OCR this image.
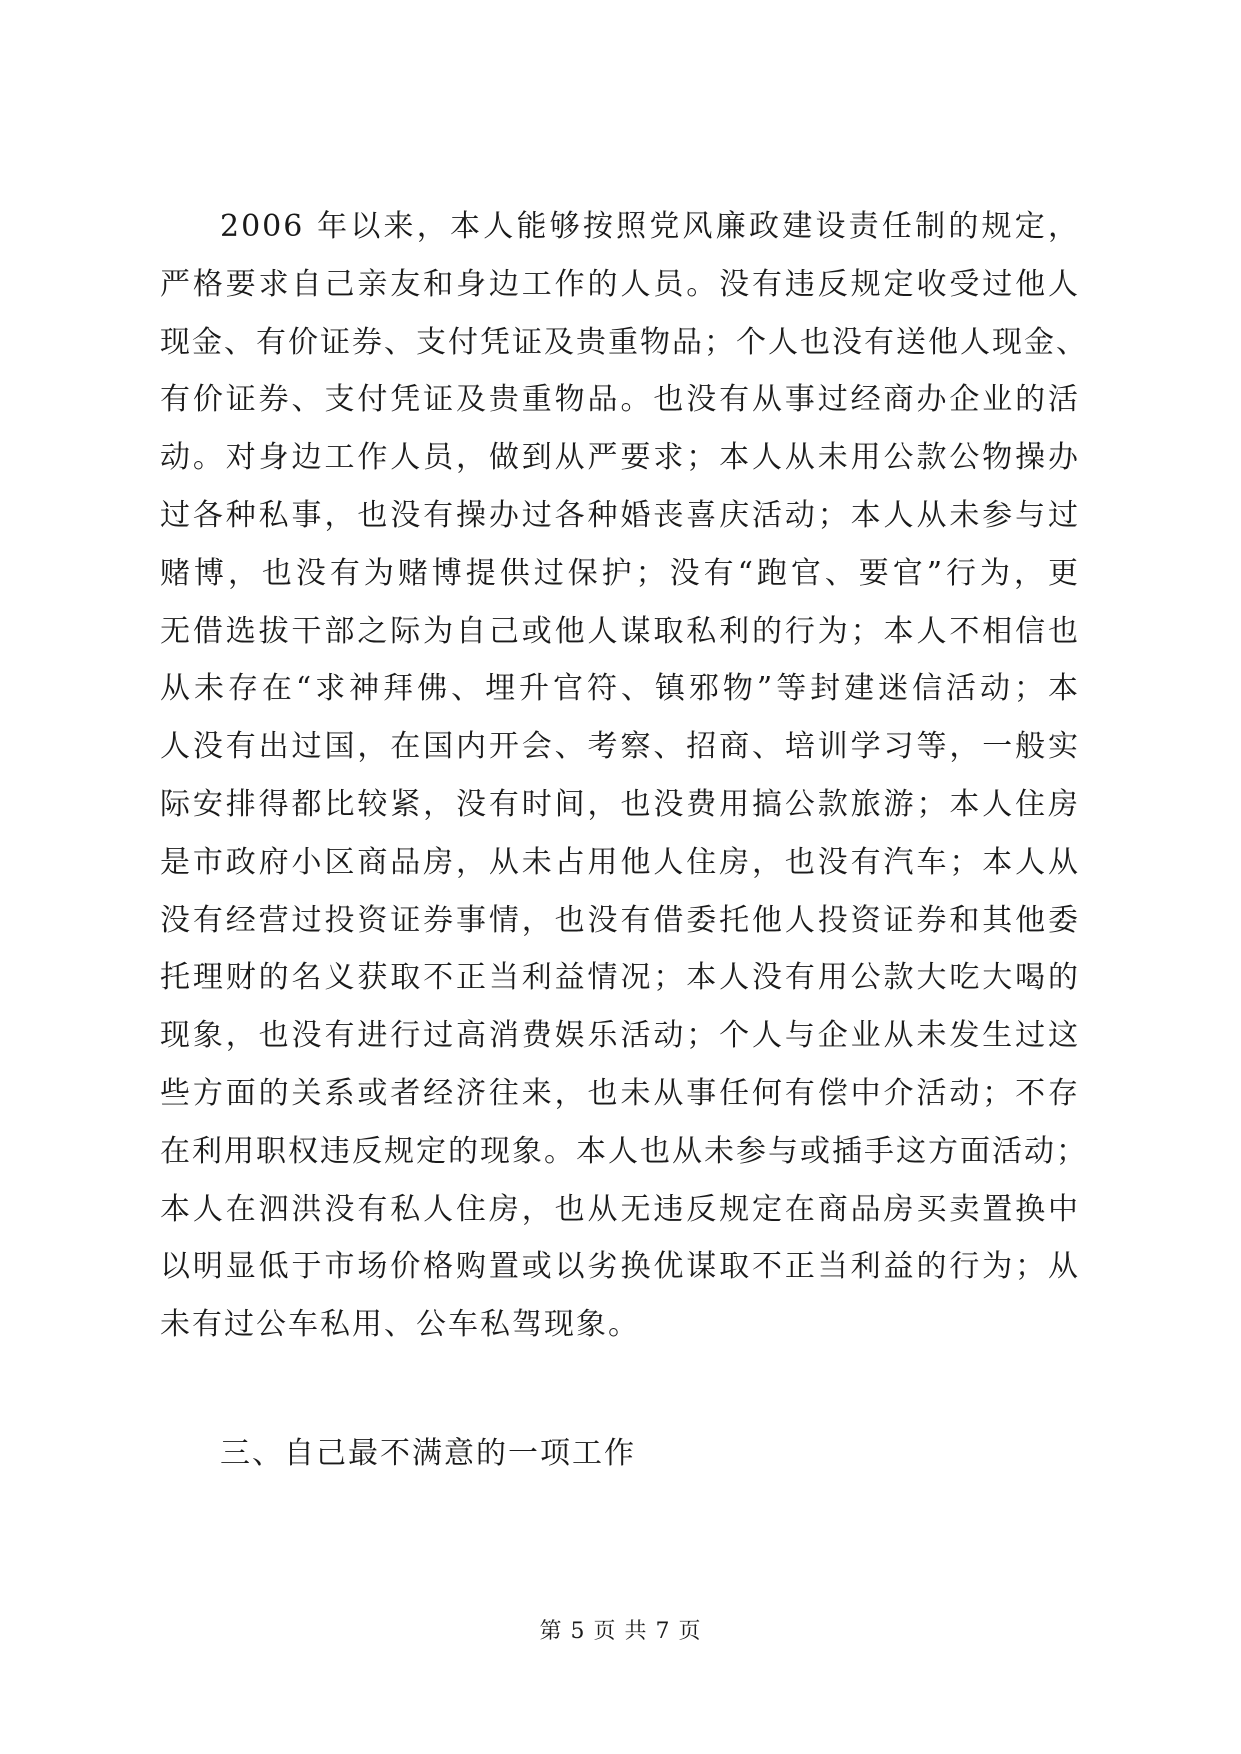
2006 年以来，本人能够按照党风廉政建设责任制的规定，
严格要求自己亲友和身边工作的人员。没有违反规定收受过他人
现金、有价证券、支付凭证及贵重物品；个人也没有送他人现金、
有价证券、支付凭证及贵重物品。也没有从事过经商办企业的活
动。对身边工作人员，做到从严要求；本人从未用公款公物操办
过各种私事，也没有操办过各种婚丧喜庆活动；本人从未参与过
赌博，也没有为赌博提供过保护；没有“跑官、要官”行为，更
无借选拔干部之际为自己或他人谋取私利的行为；本人不相信也
从未存在“求神拜佛、埋升官符、镇邪物”等封建迷信活动；本
人没有出过国，在国内开会、考察、招商、培训学习等，一般实
际安排得都比较紧，没有时间，也没费用搞公款旅游；本人住房
是市政府小区商品房，从未占用他人住房，也没有汽车；本人从
没有经营过投资证券事情，也没有借委托他人投资证券和其他委
托理财的名义获取不正当利益情况；本人没有用公款大吃大喝的
现象，也没有进行过高消费娱乐活动；个人与企业从未发生过这
些方面的关系或者经济往来，也未从事任何有偿中介活动；不存
在利用职权违反规定的现象。本人也从未参与或插手这方面活动；
本人在泗洪没有私人住房，也从无违反规定在商品房买卖置换中
以明显低于市场价格购置或以劣换优谋取不正当利益的行为；从
未有过公车私用、公车私驾现象。
三、自己最不满意的一项工作
第 5 页 共 7 页
